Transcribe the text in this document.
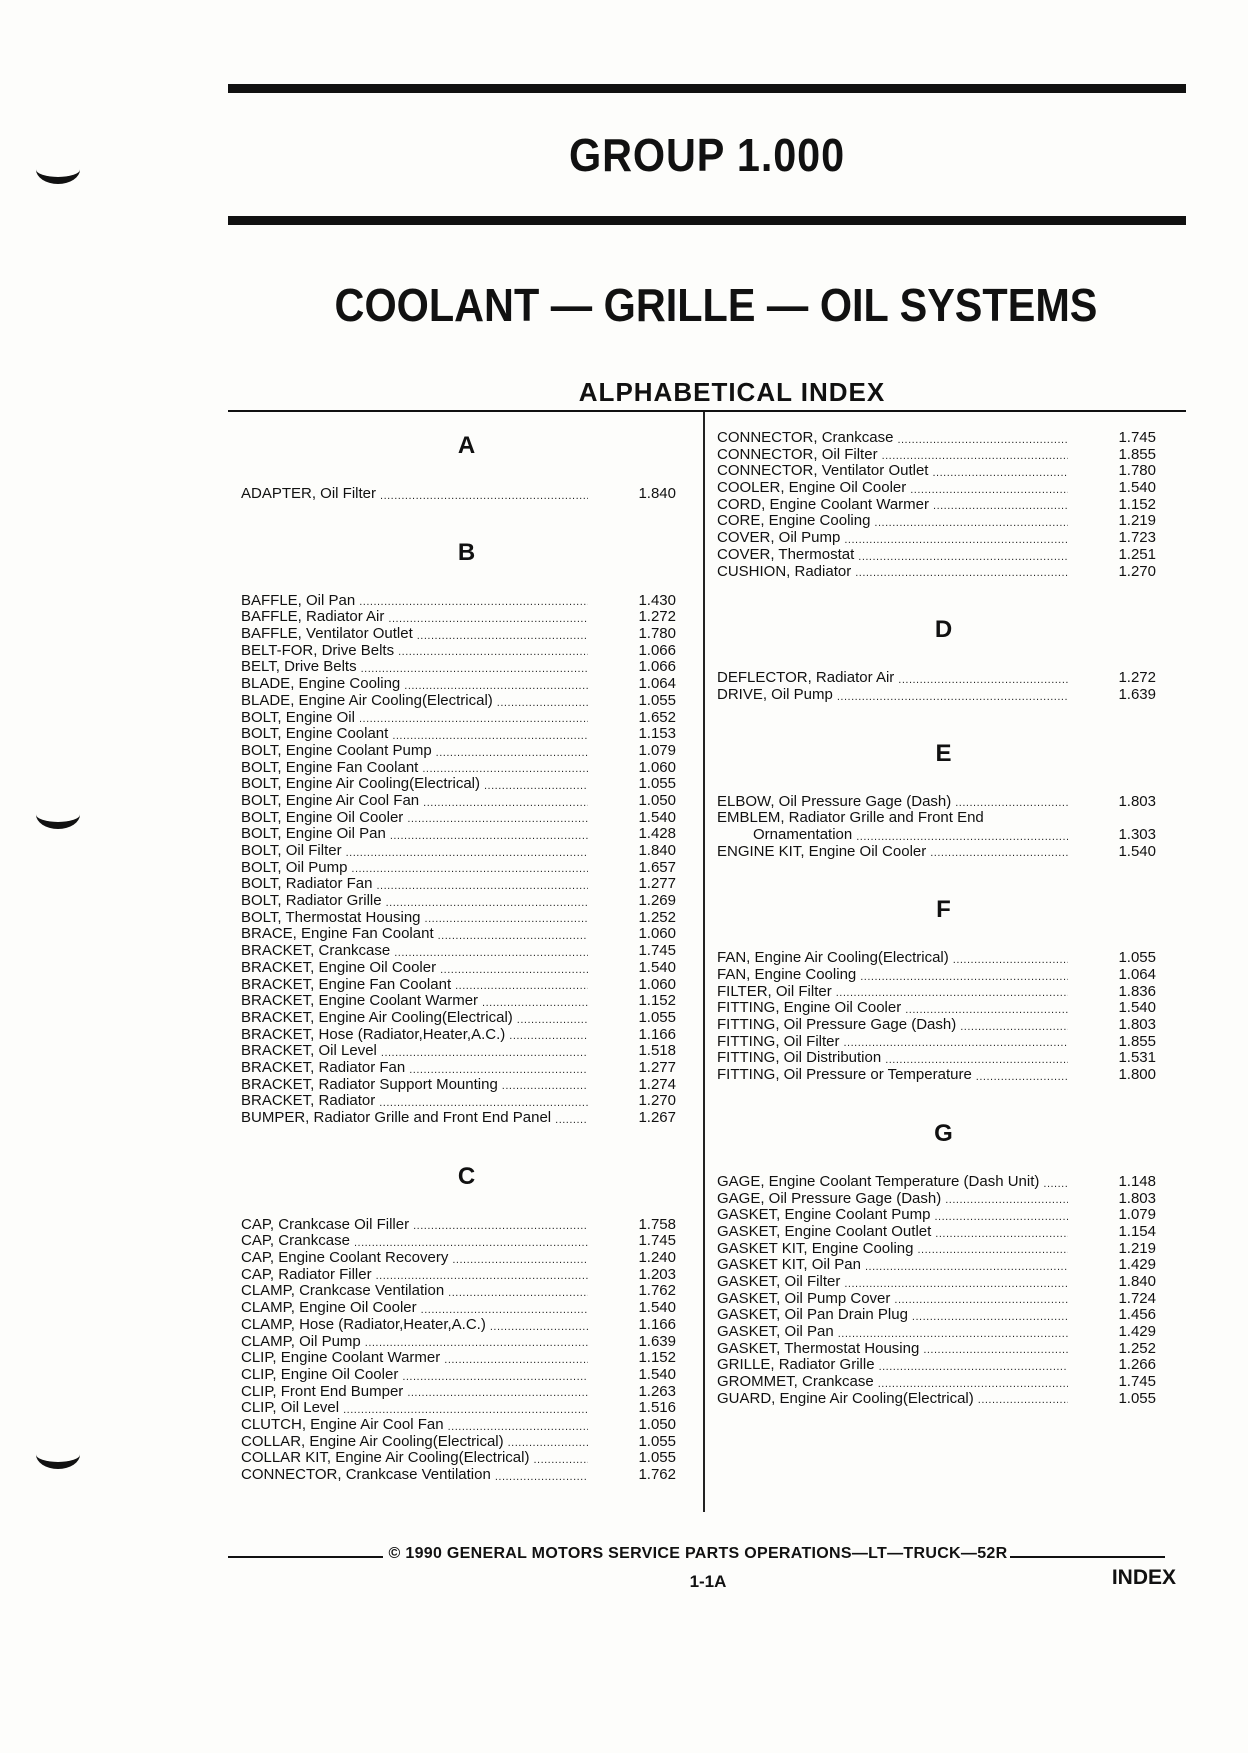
GROUP 1.000
COOLANT — GRILLE — OIL SYSTEMS
ALPHABETICAL INDEX
A
ADAPTER, Oil Filter .....	1.840
B
BAFFLE, Oil Pan .....	1.430
BAFFLE, Radiator Air .....	1.272
BAFFLE, Ventilator Outlet .....	1.780
BELT-FOR, Drive Belts .....	1.066
BELT, Drive Belts .....	1.066
BLADE, Engine Cooling .....	1.064
BLADE, Engine Air Cooling(Electrical) .....	1.055
BOLT, Engine Oil .....	1.652
BOLT, Engine Coolant .....	1.153
BOLT, Engine Coolant Pump .....	1.079
BOLT, Engine Fan Coolant .....	1.060
BOLT, Engine Air Cooling(Electrical) .....	1.055
BOLT, Engine Air Cool Fan .....	1.050
BOLT, Engine Oil Cooler .....	1.540
BOLT, Engine Oil Pan .....	1.428
BOLT, Oil Filter .....	1.840
BOLT, Oil Pump .....	1.657
BOLT, Radiator Fan .....	1.277
BOLT, Radiator Grille .....	1.269
BOLT, Thermostat Housing .....	1.252
BRACE, Engine Fan Coolant .....	1.060
BRACKET, Crankcase .....	1.745
BRACKET, Engine Oil Cooler .....	1.540
BRACKET, Engine Fan Coolant .....	1.060
BRACKET, Engine Coolant Warmer .....	1.152
BRACKET, Engine Air Cooling(Electrical) .....	1.055
BRACKET, Hose (Radiator,Heater,A.C.) .....	1.166
BRACKET, Oil Level .....	1.518
BRACKET, Radiator Fan .....	1.277
BRACKET, Radiator Support Mounting .....	1.274
BRACKET, Radiator .....	1.270
BUMPER, Radiator Grille and Front End Panel .....	1.267
C
CAP, Crankcase Oil Filler .....	1.758
CAP, Crankcase .....	1.745
CAP, Engine Coolant Recovery .....	1.240
CAP, Radiator Filler .....	1.203
CLAMP, Crankcase Ventilation .....	1.762
CLAMP, Engine Oil Cooler .....	1.540
CLAMP, Hose (Radiator,Heater,A.C.) .....	1.166
CLAMP, Oil Pump .....	1.639
CLIP, Engine Coolant Warmer .....	1.152
CLIP, Engine Oil Cooler .....	1.540
CLIP, Front End Bumper .....	1.263
CLIP, Oil Level .....	1.516
CLUTCH, Engine Air Cool Fan .....	1.050
COLLAR, Engine Air Cooling(Electrical) .....	1.055
COLLAR KIT, Engine Air Cooling(Electrical) .....	1.055
CONNECTOR, Crankcase Ventilation .....	1.762
CONNECTOR, Crankcase .....	1.745
CONNECTOR, Oil Filter .....	1.855
CONNECTOR, Ventilator Outlet .....	1.780
COOLER, Engine Oil Cooler .....	1.540
CORD, Engine Coolant Warmer .....	1.152
CORE, Engine Cooling .....	1.219
COVER, Oil Pump .....	1.723
COVER, Thermostat .....	1.251
CUSHION, Radiator .....	1.270
D
DEFLECTOR, Radiator Air .....	1.272
DRIVE, Oil Pump .....	1.639
E
ELBOW, Oil Pressure Gage (Dash) .....	1.803
EMBLEM, Radiator Grille and Front End
Ornamentation .....	1.303
ENGINE KIT, Engine Oil Cooler .....	1.540
F
FAN, Engine Air Cooling(Electrical) .....	1.055
FAN, Engine Cooling .....	1.064
FILTER, Oil Filter .....	1.836
FITTING, Engine Oil Cooler .....	1.540
FITTING, Oil Pressure Gage (Dash) .....	1.803
FITTING, Oil Filter .....	1.855
FITTING, Oil Distribution .....	1.531
FITTING, Oil Pressure or Temperature .....	1.800
G
GAGE, Engine Coolant Temperature (Dash Unit) .....	1.148
GAGE, Oil Pressure Gage (Dash) .....	1.803
GASKET, Engine Coolant Pump .....	1.079
GASKET, Engine Coolant Outlet .....	1.154
GASKET KIT, Engine Cooling .....	1.219
GASKET KIT, Oil Pan .....	1.429
GASKET, Oil Filter .....	1.840
GASKET, Oil Pump Cover .....	1.724
GASKET, Oil Pan Drain Plug .....	1.456
GASKET, Oil Pan .....	1.429
GASKET, Thermostat Housing .....	1.252
GRILLE, Radiator Grille .....	1.266
GROMMET, Crankcase .....	1.745
GUARD, Engine Air Cooling(Electrical) .....	1.055
© 1990 GENERAL MOTORS SERVICE PARTS OPERATIONS—LT—TRUCK—52R
1-1A	INDEX
